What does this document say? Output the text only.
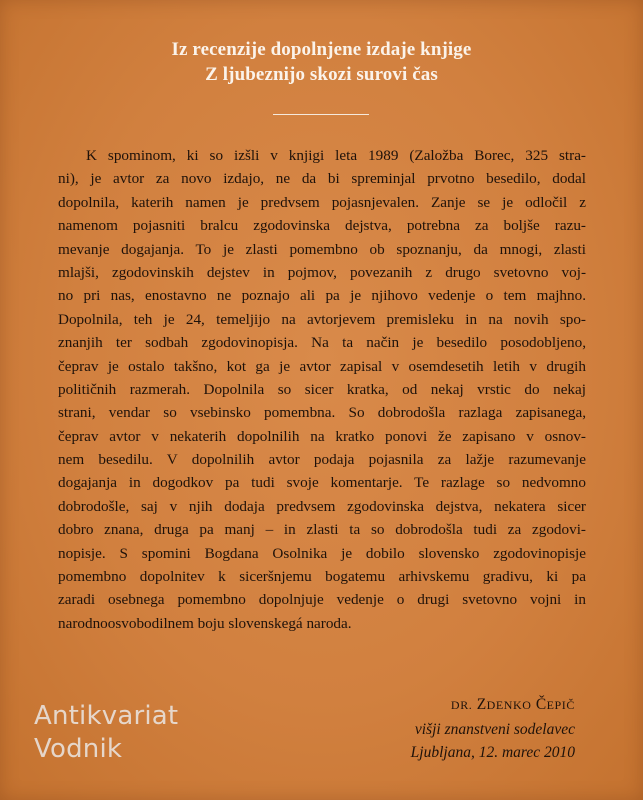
Iz recenzije dopolnjene izdaje knjige
Z ljubeznijo skozi surovi čas
K spominom, ki so izšli v knjigi leta 1989 (Založba Borec, 325 stra-
ni), je avtor za novo izdajo, ne da bi spreminjal prvotno besedilo, dodal
dopolnila, katerih namen je predvsem pojasnjevalen. Zanje se je odločil z
namenom pojasniti bralcu zgodovinska dejstva, potrebna za boljše razu-
mevanje dogajanja. To je zlasti pomembno ob spoznanju, da mnogi, zlasti
mlajši, zgodovinskih dejstev in pojmov, povezanih z drugo svetovno voj-
no pri nas, enostavno ne poznajo ali pa je njihovo vedenje o tem majhno.
Dopolnila, teh je 24, temeljijo na avtorjevem premisleku in na novih spo-
znanjih ter sodbah zgodovinopisja. Na ta način je besedilo posodobljeno,
čeprav je ostalo takšno, kot ga je avtor zapisal v osemdesetih letih v drugih
političnih razmerah. Dopolnila so sicer kratka, od nekaj vrstic do nekaj
strani, vendar so vsebinsko pomembna. So dobrodošla razlaga zapisanega,
čeprav avtor v nekaterih dopolnilih na kratko ponovi že zapisano v osnov-
nem besedilu. V dopolnilih avtor podaja pojasnila za lažje razumevanje
dogajanja in dogodkov pa tudi svoje komentarje. Te razlage so nedvomno
dobrodošle, saj v njih dodaja predvsem zgodovinska dejstva, nekatera sicer
dobro znana, druga pa manj – in zlasti ta so dobrodošla tudi za zgodovi-
nopisje. S spomini Bogdana Osolnika je dobilo slovensko zgodovinopisje
pomembno dopolnitev k siceršnjemu bogatemu arhivskemu gradivu, ki pa
zaradi osebnega pomembno dopolnjuje vedenje o drugi svetovno vojni in
narodnoosvobodilnem boju slovenskegá naroda.
DR. ZDENKO ČEPIČ
višji znanstveni sodelavec
Ljubljana, 12. marec 2010
Antikvariat
Vodnik
